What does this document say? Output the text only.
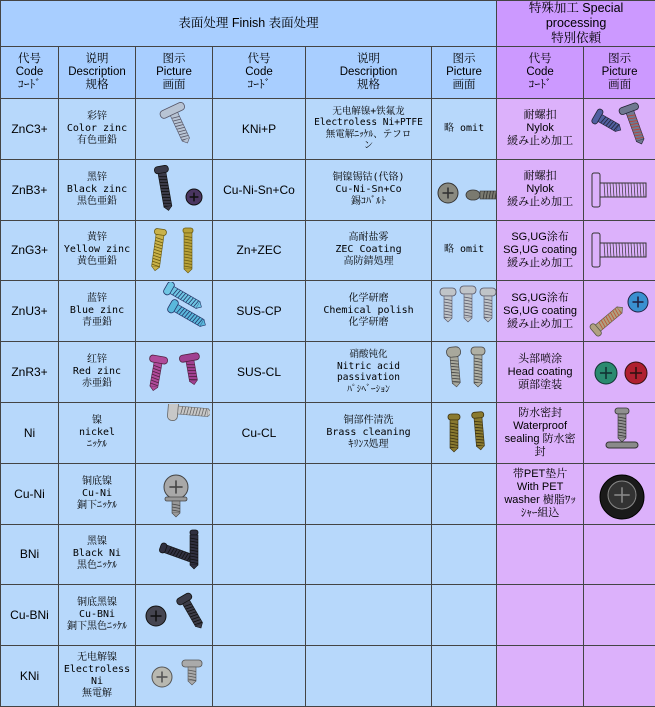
表面处理 Finish 表面处理						特殊加工 Special processing
特別依頼	

代号
Code
ｺｰﾄﾞ	说明
Description
规格	图示
Picture
画面	代号
Code
ｺｰﾄﾞ	说明
Description
规格	图示
Picture
画面	代号
Code
ｺｰﾄﾞ	图示
Picture
画面

ZnC3+	彩锌
Color zinc
有色亜鉛		KNi+P	无电解镍+铁氟龙
Electroless Ni+PTFE
無電解ﾆｯｹﾙ、テフロ
ン	略 omit	耐螺扣
Nylok
緩み止め加工

ZnB3+	黑锌
Black zinc
黒色亜鉛		Cu-Ni-Sn+Co	铜镍锡钴(代铬)
Cu-Ni-Sn+Co
錫ｺﾊﾞﾙﾄ		耐螺扣
Nylok
緩み止め加工

ZnG3+	黄锌
Yellow zinc
黄色亜鉛		Zn+ZEC	高耐盐雾
ZEC Coating
高防錆処理	略 omit	SG,UG涂布
SG,UG coating
緩み止め加工

ZnU3+	蓝锌
Blue zinc
青亜鉛		SUS-CP	化学研磨
Chemical polish
化学研磨		SG,UG涂布
SG,UG coating
緩み止め加工

ZnR3+	红锌
Red zinc
赤亜鉛		SUS-CL	硝酸钝化
Nitric acid
passivation
ﾊﾟｼﾍﾞｰｼｮﾝ		头部喷涂
Head coating
頭部塗装

Ni	镍
nickel
ﾆｯｹﾙ		Cu-CL	铜部件清洗
Brass cleaning
ｷﾘﾝｽ処理		防水密封
Waterproof
sealing 防水密
封

Cu-Ni	铜底镍
Cu-Ni
銅下ﾆｯｹﾙ					带PET垫片
With PET
washer 樹脂ﾜｯ
ｼｬｰ組込

BNi	黑镍
Black Ni
黒色ﾆｯｹﾙ

Cu-BNi	铜底黑镍
Cu-BNi
銅下黒色ﾆｯｹﾙ

KNi	无电解镍
Electroless
Ni
無電解
